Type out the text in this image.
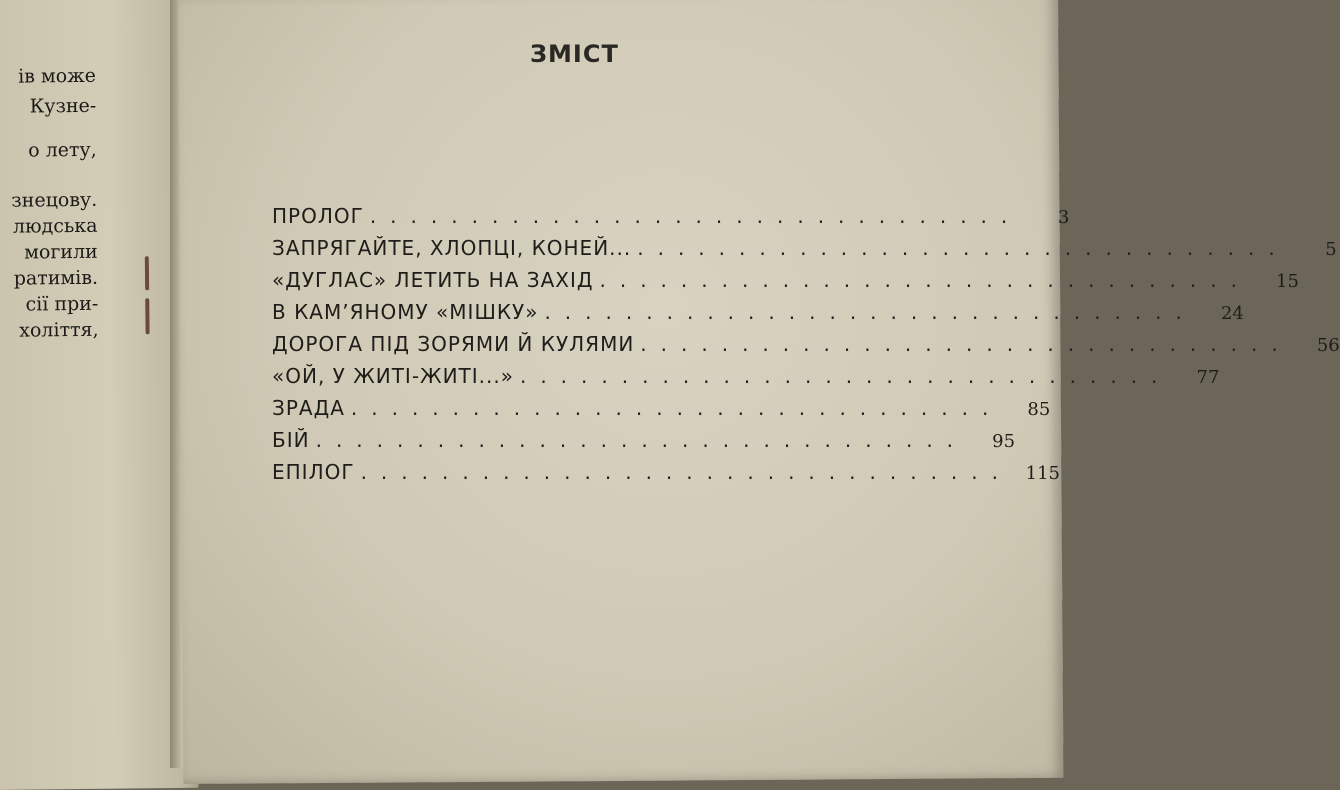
ів може
Кузне-
о лету,
знецову.
людська
могили
ратимів.
сії при-
холіття,
ЗМІСТ
ПРОЛОГ ................................	3
ЗАПРЯГАЙТЕ, ХЛОПЦІ, КОНЕЙ... ................................	5
«ДУГЛАС» ЛЕТИТЬ НА ЗАХІД ................................	15
В КАМ’ЯНОМУ «МІШКУ» ................................	24
ДОРОГА ПІД ЗОРЯМИ Й КУЛЯМИ ................................	56
«ОЙ, У ЖИТІ-ЖИТІ...» ................................	77
ЗРАДА ................................	85
БІЙ ................................	95
ЕПІЛОГ ................................ 115
